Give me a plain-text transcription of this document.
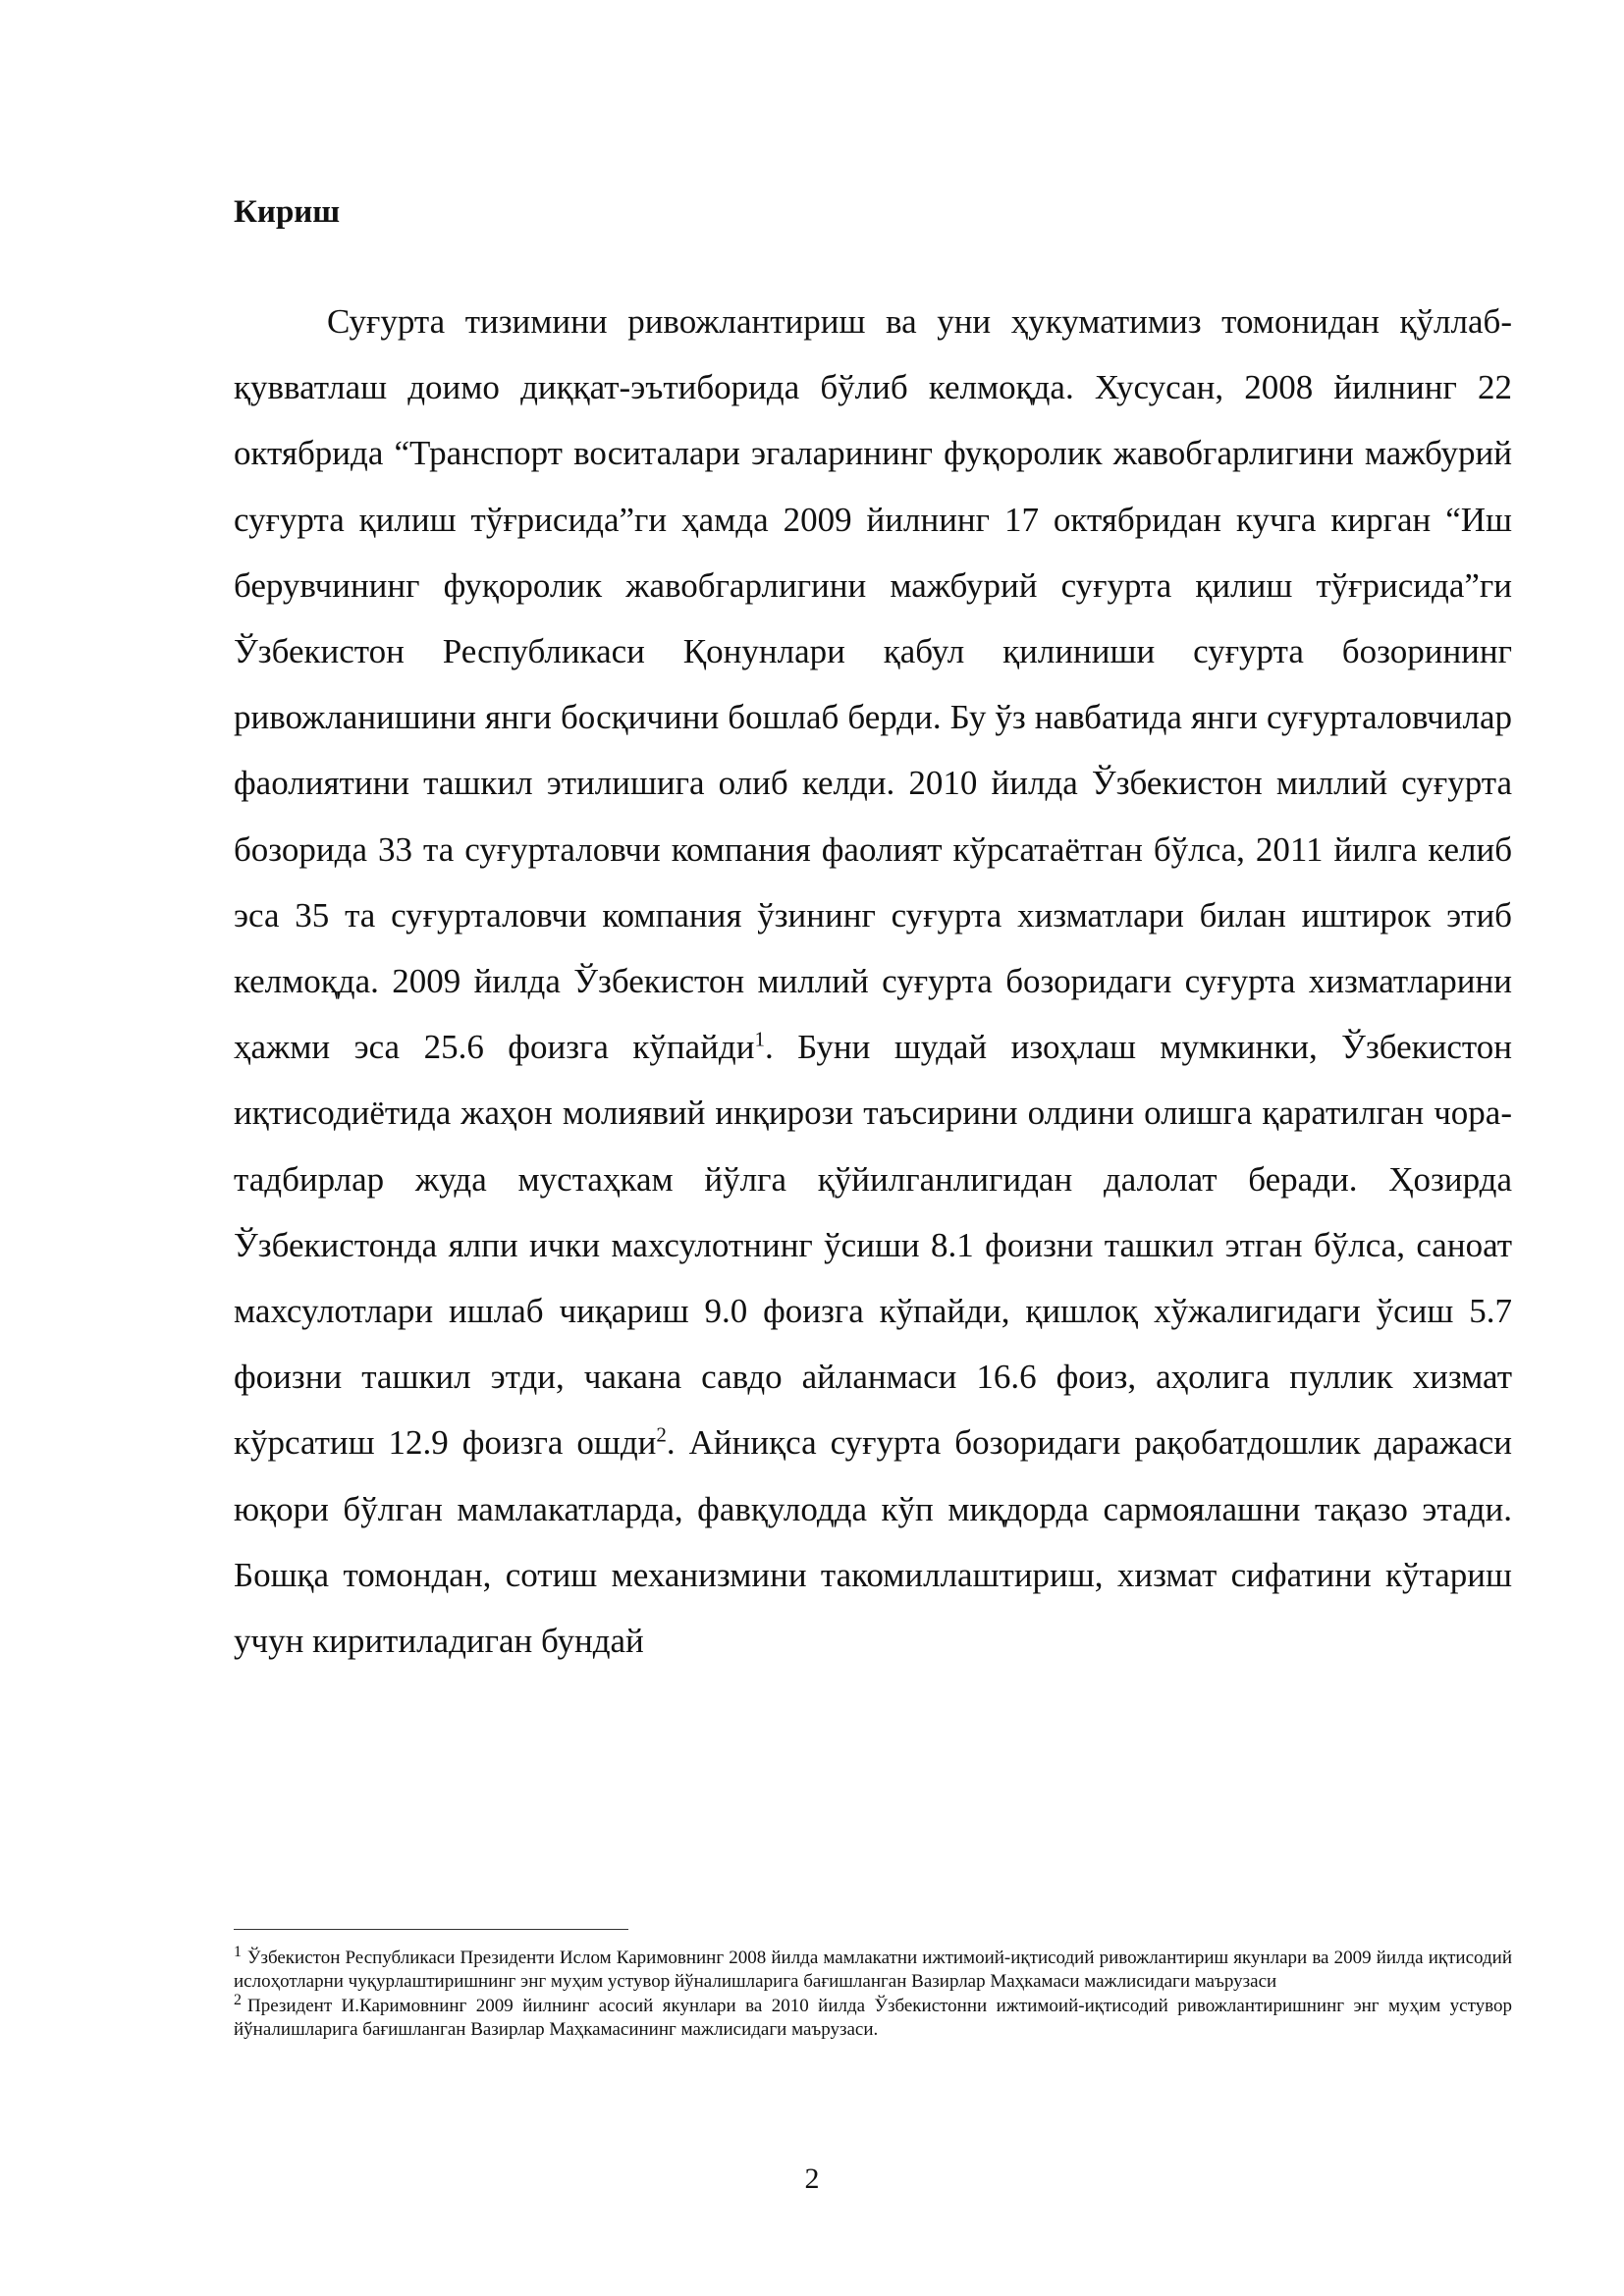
Кириш

Суғурта тизимини ривожлантириш ва уни ҳукуматимиз томонидан қўллаб-қувватлаш доимо диққат-эътиборида бўлиб келмоқда. Хусусан, 2008 йилнинг 22 октябрида “Транспорт воситалари эгаларининг фуқоролик жавобгарлигини мажбурий суғурта қилиш тўғрисида”ги ҳамда 2009 йилнинг 17 октябридан кучга кирган “Иш берувчининг фуқоролик жавобгарлигини мажбурий суғурта қилиш тўғрисида”ги Ўзбекистон Республикаси Қонунлари қабул қилиниши суғурта бозорининг ривожланишини янги босқичини бошлаб берди. Бу ўз навбатида янги суғурталовчилар фаолиятини ташкил этилишига олиб келди. 2010 йилда Ўзбекистон миллий суғурта бозорида 33 та суғурталовчи компания фаолият кўрсатаётган бўлса, 2011 йилга келиб эса 35 та суғурталовчи компания ўзининг суғурта хизматлари билан иштирок этиб келмоқда. 2009 йилда Ўзбекистон миллий суғурта бозоридаги суғурта хизматларини ҳажми эса 25.6 фоизга кўпайди$^1$. Буни шудай изоҳлаш мумкинки, Ўзбекистон иқтисодиётида жаҳон молиявий инқирози таъсирини олдини олишга қаратилган чора-тадбирлар жуда мустаҳкам йўлга қўйилганлигидан далолат беради. Ҳозирда Ўзбекистонда ялпи ички махсулотнинг ўсиши 8.1 фоизни ташкил этган бўлса, саноат махсулотлари ишлаб чиқариш 9.0 фоизга кўпайди, қишлоқ хўжалигидаги ўсиш 5.7 фоизни ташкил этди, чакана савдо айланмаси 16.6 фоиз, аҳолига пуллик хизмат кўрсатиш 12.9 фоизга ошди$^2$. Айниқса суғурта бозоридаги рақобатдошлик даражаси юқори бўлган мамлакатларда, фавқулодда кўп миқдорда сармоялашни тақазо этади. Бошқа томондан, сотиш механизмини такомиллаштириш, хизмат сифатини кўтариш учун киритиладиган бундай

$^1$ Ўзбекистон Республикаси Президенти Ислом Каримовнинг 2008 йилда мамлакатни ижтимоий-иқтисодий ривожлантириш якунлари ва 2009 йилда иқтисодий ислоҳотларни чуқурлаштиришнинг энг муҳим устувор йўналишларига бағишланган Вазирлар Маҳкамаси мажлисидаги маърузаси

$^2$ Президент И.Каримовнинг 2009 йилнинг асосий якунлари ва 2010 йилда Ўзбекистонни ижтимоий-иқтисодий ривожлантиришнинг энг муҳим устувор йўналишларига бағишланган Вазирлар Маҳкамасининг мажлисидаги маърузаси.

2
